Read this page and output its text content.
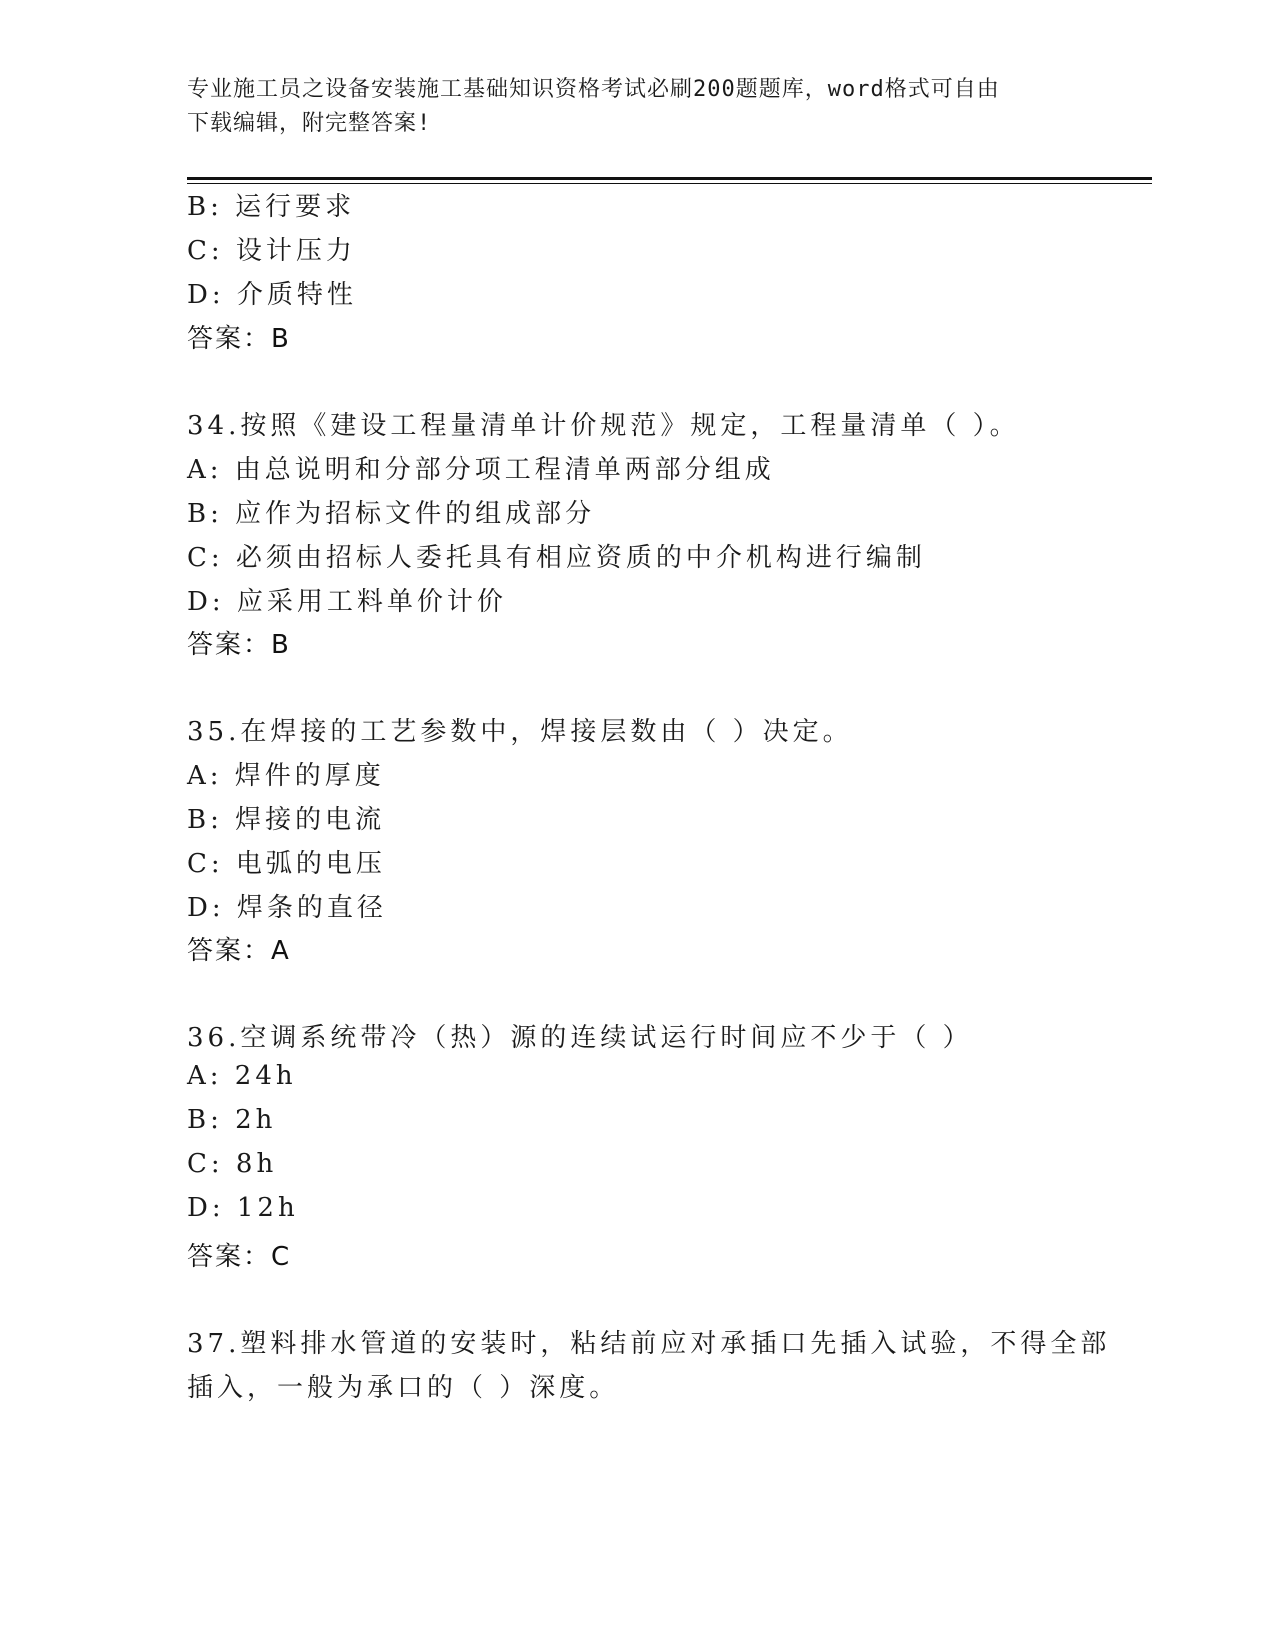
专业施工员之设备安装施工基础知识资格考试必刷200题题库，word格式可自由
下载编辑，附完整答案!
B: 运行要求
C: 设计压力
D: 介质特性
答案：B
34.按照《建设工程量清单计价规范》规定，工程量清单（ ）。
A: 由总说明和分部分项工程清单两部分组成
B: 应作为招标文件的组成部分
C: 必须由招标人委托具有相应资质的中介机构进行编制
D: 应采用工料单价计价
答案：B
35.在焊接的工艺参数中，焊接层数由（ ）决定。
A: 焊件的厚度
B: 焊接的电流
C: 电弧的电压
D: 焊条的直径
答案：A
36.空调系统带冷（热）源的连续试运行时间应不少于（ ）
A: 24h
B: 2h
C: 8h
D: 12h
答案：C
37.塑料排水管道的安装时，粘结前应对承插口先插入试验，不得全部
插入，一般为承口的（ ）深度。
